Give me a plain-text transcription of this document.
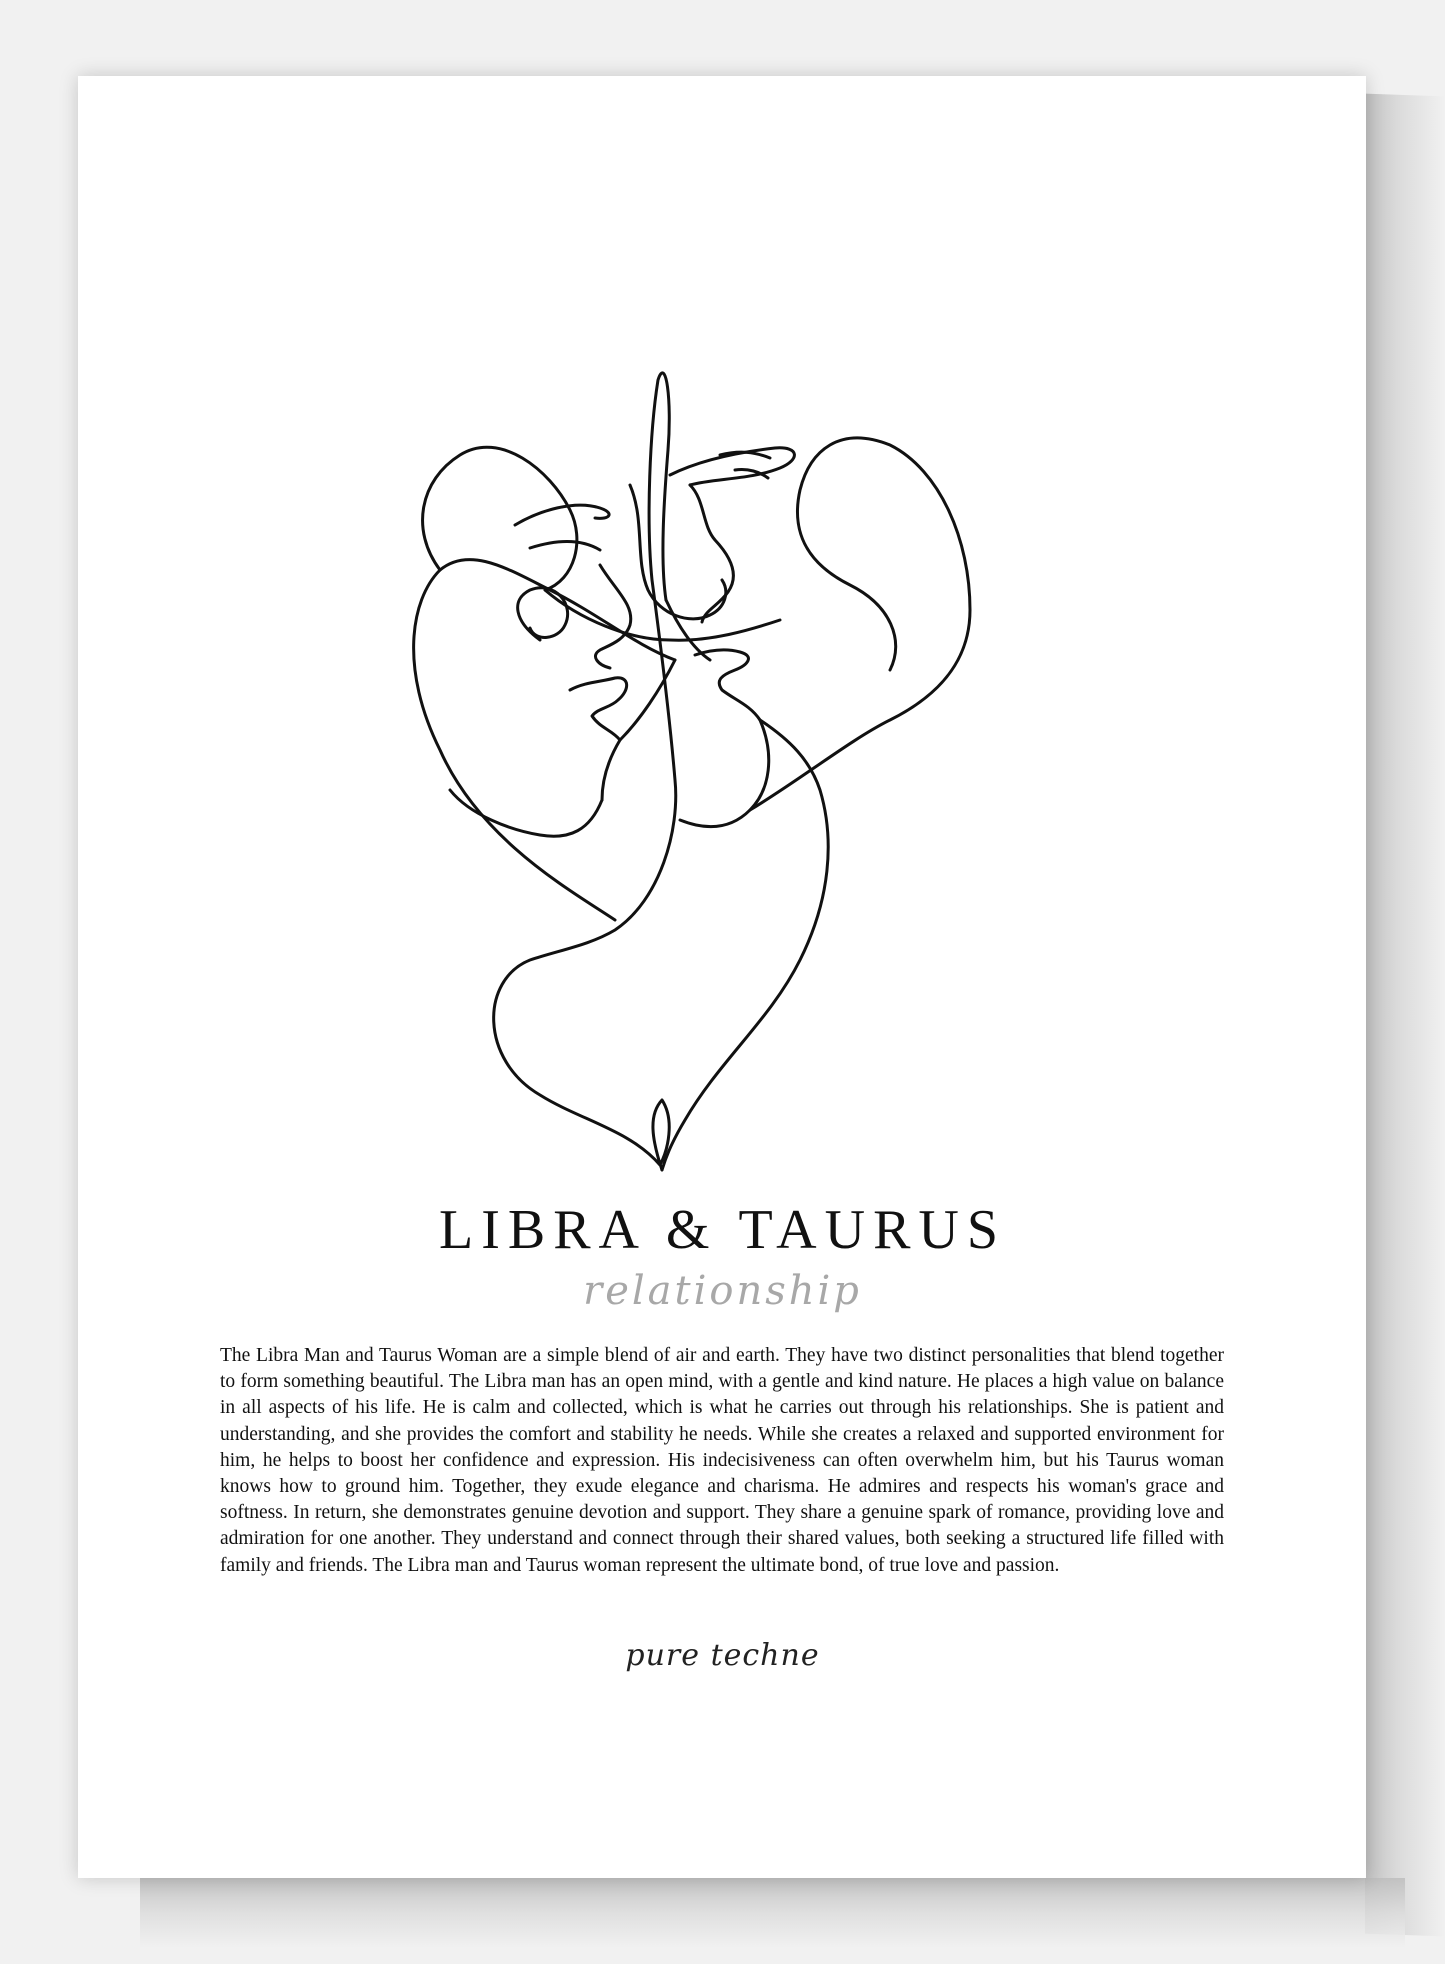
LIBRA & TAURUS
relationship

The Libra Man and Taurus Woman are a simple blend of air and earth. They have two distinct personalities that blend together to form something beautiful. The Libra man has an open mind, with a gentle and kind nature. He places a high value on balance in all aspects of his life. He is calm and collected, which is what he carries out through his relationships. She is patient and understanding, and she provides the comfort and stability he needs. While she creates a relaxed and supported environment for him, he helps to boost her confidence and expression. His indecisiveness can often overwhelm him, but his Taurus woman knows how to ground him. Together, they exude elegance and charisma. He admires and respects his woman's grace and softness. In return, she demonstrates genuine devotion and support. They share a genuine spark of romance, providing love and admiration for one another. They understand and connect through their shared values, both seeking a structured life filled with family and friends. The Libra man and Taurus woman represent the ultimate bond, of true love and passion.

pure techne
